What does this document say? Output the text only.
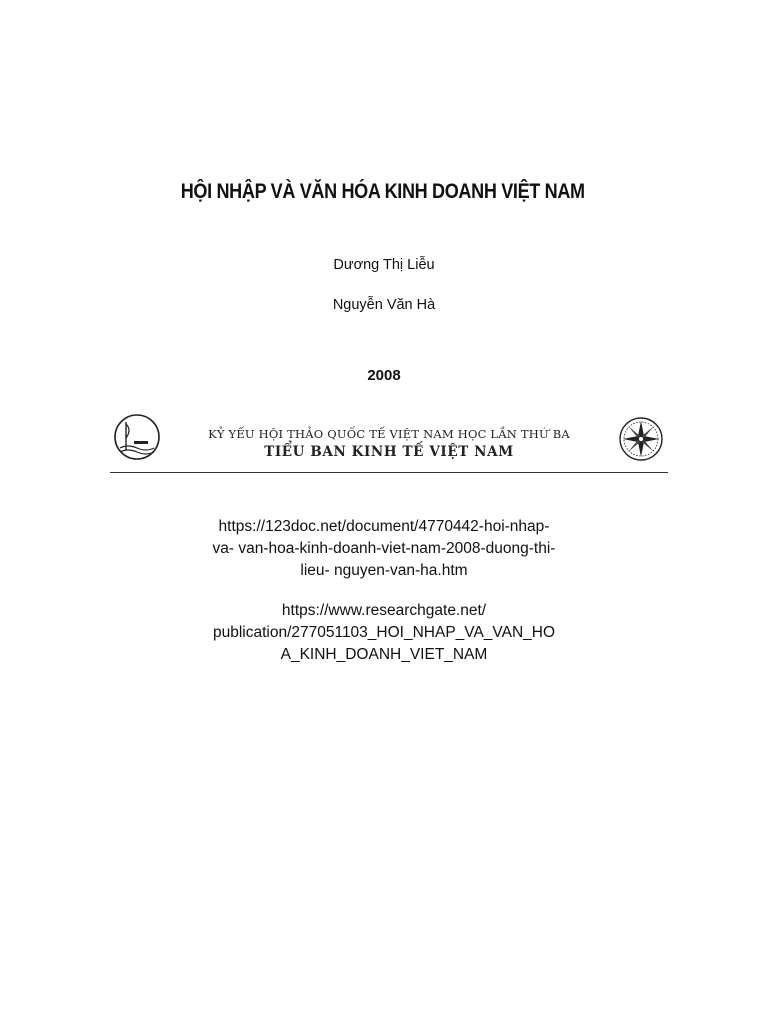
HỘI NHẬP VÀ VĂN HÓA KINH DOANH VIỆT NAM
Dương Thị Liễu
Nguyễn Văn Hà
2008
KỶ YẾU HỘI THẢO QUỐC TẾ VIỆT NAM HỌC LẦN THỨ BA
TIỂU BAN KINH TẾ VIỆT NAM
https://123doc.net/document/4770442-hoi-nhap-
va- van-hoa-kinh-doanh-viet-nam-2008-duong-thi-
lieu- nguyen-van-ha.htm
https://www.researchgate.net/
publication/277051103_HOI_NHAP_VA_VAN_HO
A_KINH_DOANH_VIET_NAM
